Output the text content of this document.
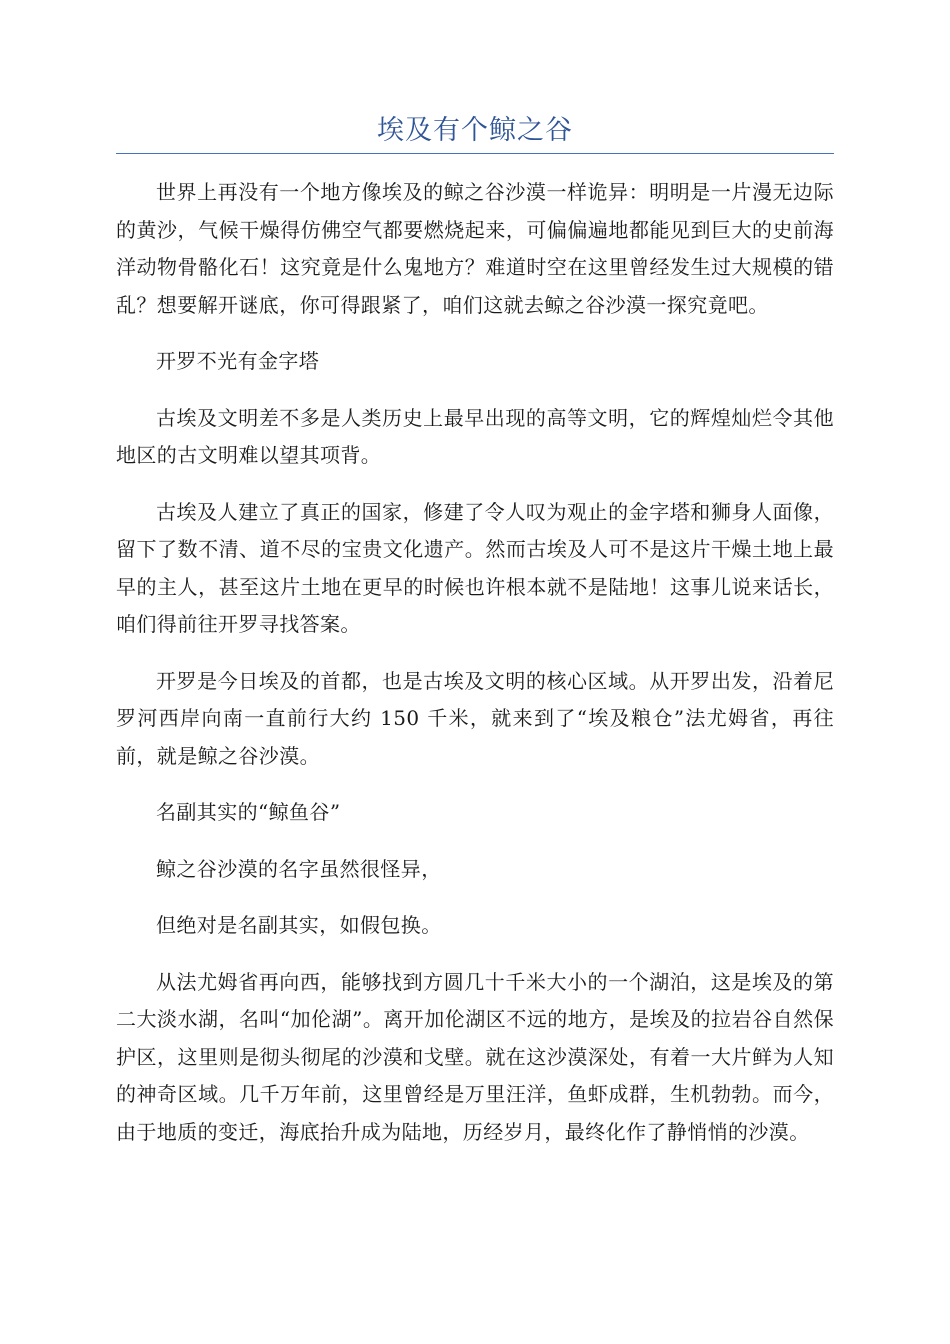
埃及有个鲸之谷

世界上再没有一个地方像埃及的鲸之谷沙漠一样诡异：明明是一片漫无边际的黄沙，气候干燥得仿佛空气都要燃烧起来，可偏偏遍地都能见到巨大的史前海洋动物骨骼化石！这究竟是什么鬼地方？难道时空在这里曾经发生过大规模的错乱？想要解开谜底，你可得跟紧了，咱们这就去鲸之谷沙漠一探究竟吧。

开罗不光有金字塔

古埃及文明差不多是人类历史上最早出现的高等文明，它的辉煌灿烂令其他地区的古文明难以望其项背。

古埃及人建立了真正的国家，修建了令人叹为观止的金字塔和狮身人面像，留下了数不清、道不尽的宝贵文化遗产。然而古埃及人可不是这片干燥土地上最早的主人，甚至这片土地在更早的时候也许根本就不是陆地！这事儿说来话长，咱们得前往开罗寻找答案。

开罗是今日埃及的首都，也是古埃及文明的核心区域。从开罗出发，沿着尼罗河西岸向南一直前行大约 150 千米，就来到了“埃及粮仓”法尤姆省，再往前，就是鲸之谷沙漠。

名副其实的“鲸鱼谷”

鲸之谷沙漠的名字虽然很怪异，

但绝对是名副其实，如假包换。

从法尤姆省再向西，能够找到方圆几十千米大小的一个湖泊，这是埃及的第二大淡水湖，名叫“加伦湖”。离开加伦湖区不远的地方，是埃及的拉岩谷自然保护区，这里则是彻头彻尾的沙漠和戈壁。就在这沙漠深处，有着一大片鲜为人知的神奇区域。几千万年前，这里曾经是万里汪洋，鱼虾成群，生机勃勃。而今，由于地质的变迁，海底抬升成为陆地，历经岁月，最终化作了静悄悄的沙漠。
